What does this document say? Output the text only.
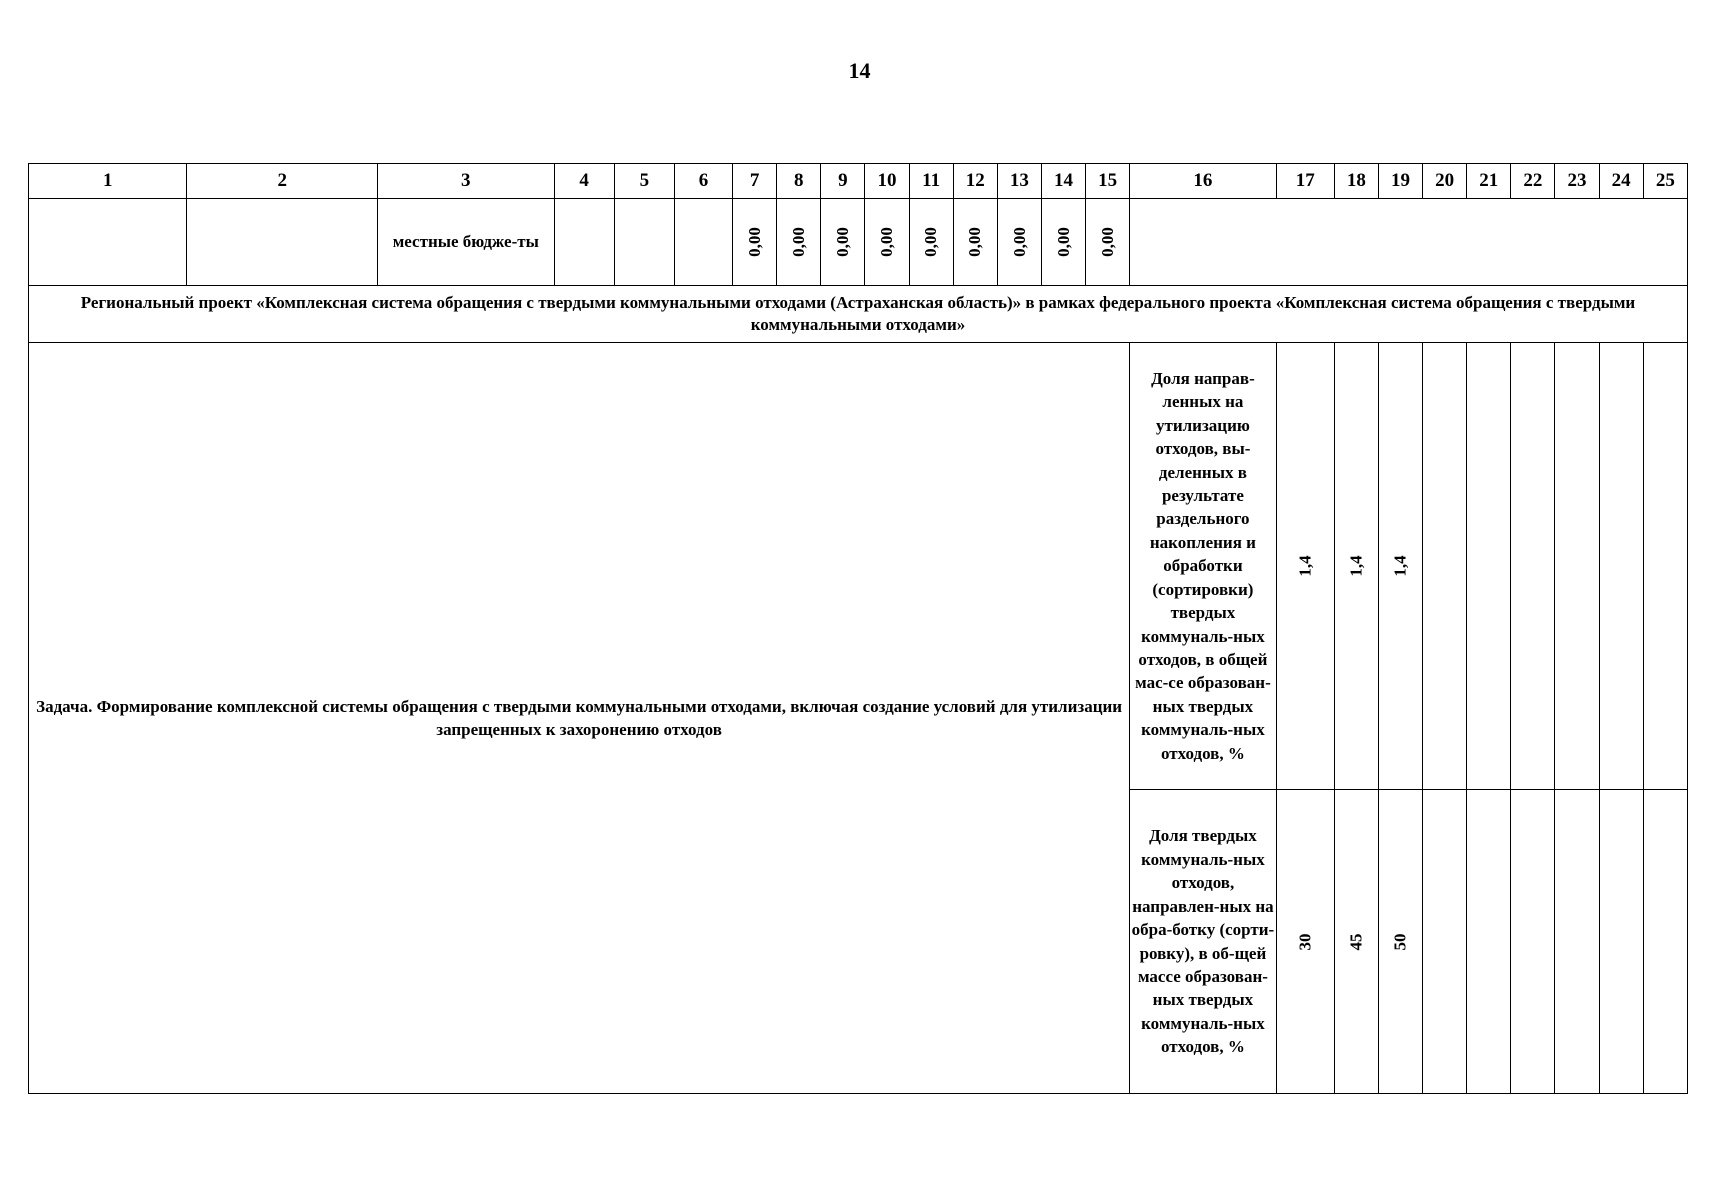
14
1	2	3	4	5	6	7	8	9	10	11	12	13	14	15	16	17	18	19	20	21	22	23	24	25
		местные бюдже-ты				0,00	0,00	0,00	0,00	0,00	0,00	0,00	0,00	0,00										
Региональный проект «Комплексная система обращения с твердыми коммунальными отходами (Астраханская область)» в рамках федерального проекта «Комплексная система обращения с твердыми коммунальными отходами»																								
Задача. Формирование комплексной системы обращения с твердыми коммунальными отходами, включая создание условий для утилизации запрещенных к захоронению отходов															Доля направ-ленных на утилизацию отходов, вы-деленных в результате раздельного накопления и обработки (сортировки) твердых коммуналь-ных отходов, в общей мас-се образован-ных твердых коммуналь-ных отходов, %	1,4	1,4	1,4						
															Доля твердых коммуналь-ных отходов, направлен-ных на обра-ботку (сорти-ровку), в об-щей массе образован-ных твердых коммуналь-ных отходов, %	30	45	50						
